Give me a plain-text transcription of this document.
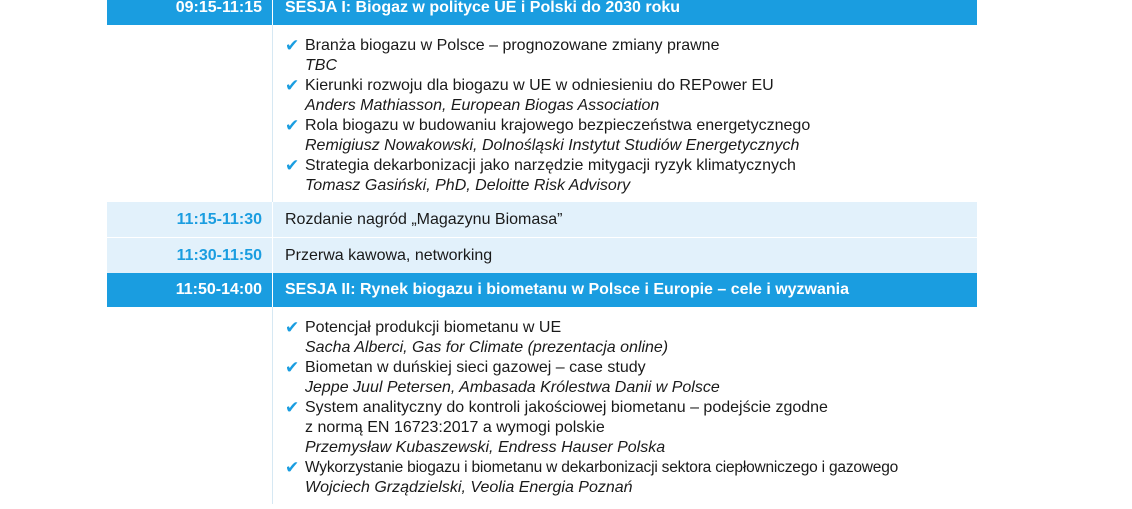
09:15-11:15	SESJA I: Biogaz w polityce UE i Polski do 2030 roku
✔ Branża biogazu w Polsce – prognozowane zmiany prawne
TBC
✔ Kierunki rozwoju dla biogazu w UE w odniesieniu do REPower EU
Anders Mathiasson, European Biogas Association
✔ Rola biogazu w budowaniu krajowego bezpieczeństwa energetycznego
Remigiusz Nowakowski, Dolnośląski Instytut Studiów Energetycznych
✔ Strategia dekarbonizacji jako narzędzie mitygacji ryzyk klimatycznych
Tomasz Gasiński, PhD, Deloitte Risk Advisory
11:15-11:30	Rozdanie nagród „Magazynu Biomasa”
11:30-11:50	Przerwa kawowa, networking
11:50-14:00	SESJA II: Rynek biogazu i biometanu w Polsce i Europie – cele i wyzwania
✔ Potencjał produkcji biometanu w UE
Sacha Alberci, Gas for Climate (prezentacja online)
✔ Biometan w duńskiej sieci gazowej – case study
Jeppe Juul Petersen, Ambasada Królestwa Danii w Polsce
✔ System analityczny do kontroli jakościowej biometanu – podejście zgodne
z normą EN 16723:2017 a wymogi polskie
Przemysław Kubaszewski, Endress Hauser Polska
✔ Wykorzystanie biogazu i biometanu w dekarbonizacji sektora ciepłowniczego i gazowego
Wojciech Grządzielski, Veolia Energia Poznań
